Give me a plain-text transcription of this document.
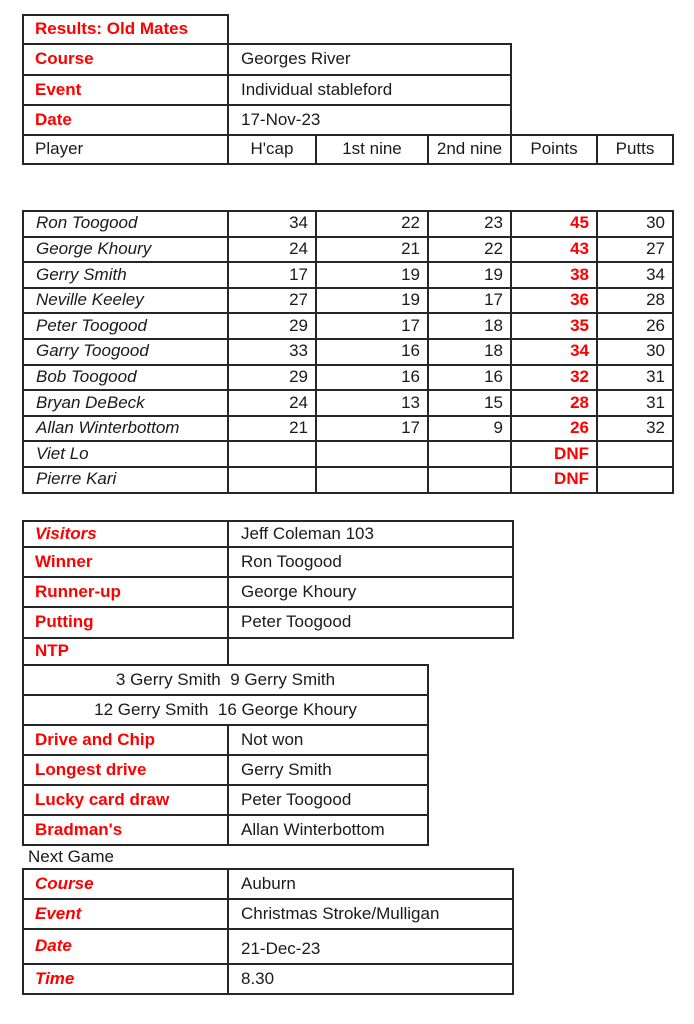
Results: Old Mates					
Course	Georges River				
Event	Individual stableford				
Date	17-Nov-23				
Player	H'cap	1st nine	2nd nine	Points	Putts
Ron Toogood	34	22	23	45	30
George Khoury	24	21	22	43	27
Gerry Smith	17	19	19	38	34
Neville Keeley	27	19	17	36	28
Peter Toogood	29	17	18	35	26
Garry Toogood	33	16	18	34	30
Bob Toogood	29	16	16	32	31
Bryan DeBeck	24	13	15	28	31
Allan Winterbottom	21	17	9	26	32
Viet Lo				DNF	
Pierre Kari				DNF	
Visitors	Jeff Coleman 103
Winner	Ron Toogood
Runner-up	George Khoury
Putting	Peter Toogood
NTP	
3 Gerry Smith  9 Gerry Smith	
12 Gerry Smith  16 George Khoury	
Drive and Chip	Not won
Longest drive	Gerry Smith
Lucky card draw	Peter Toogood
Bradman's	Allan Winterbottom
Next Game
Course	Auburn
Event	Christmas Stroke/Mulligan
Date	21-Dec-23
Time	8.30
